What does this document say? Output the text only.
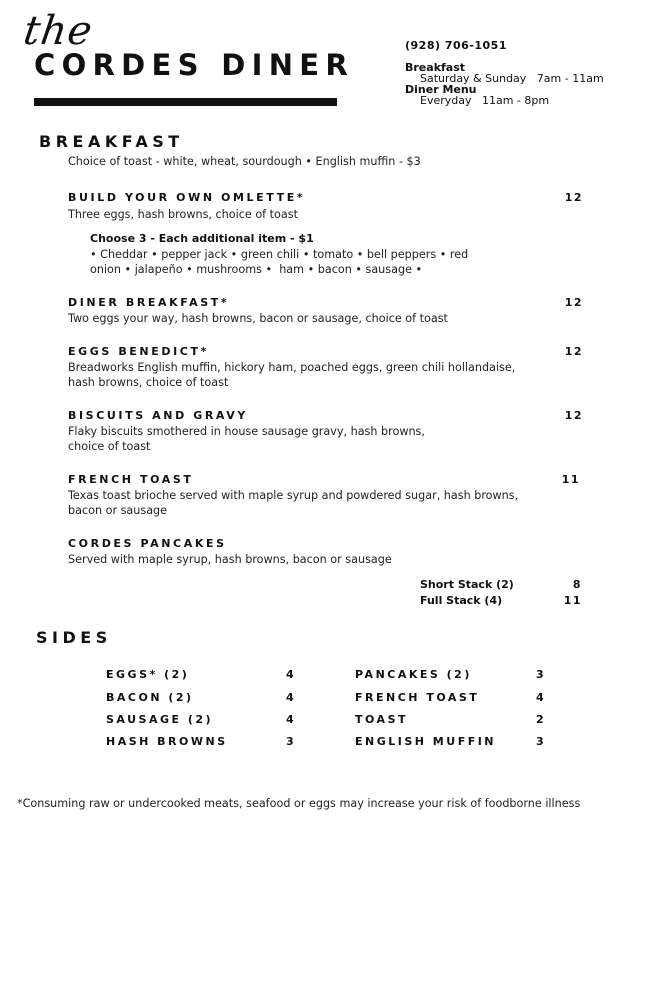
the
CORDES DINER
(928) 706-1051
Breakfast
Saturday & Sunday   7am - 11am
Diner Menu
Everyday   11am - 8pm
BREAKFAST
Choice of toast - white, wheat, sourdough • English muffin - $3
BUILD YOUR OWN OMLETTE*	12
Three eggs, hash browns, choice of toast
Choose 3 - Each additional item - $1
• Cheddar • pepper jack • green chili • tomato • bell peppers • red
onion • jalapeño • mushrooms •  ham • bacon • sausage •
DINER BREAKFAST*	12
Two eggs your way, hash browns, bacon or sausage, choice of toast
EGGS BENEDICT*	12
Breadworks English muffin, hickory ham, poached eggs, green chili hollandaise,
hash browns, choice of toast
BISCUITS AND GRAVY	12
Flaky biscuits smothered in house sausage gravy, hash browns,
choice of toast
FRENCH TOAST	11
Texas toast brioche served with maple syrup and powdered sugar, hash browns,
bacon or sausage
CORDES PANCAKES
Served with maple syrup, hash browns, bacon or sausage
Short Stack (2)	8
Full Stack (4)	11
SIDES
EGGS* (2)	4
BACON (2)	4
SAUSAGE (2)	4
HASH BROWNS	3
PANCAKES (2)	3
FRENCH TOAST	4
TOAST	2
ENGLISH MUFFIN	3
*Consuming raw or undercooked meats, seafood or eggs may increase your risk of foodborne illness
